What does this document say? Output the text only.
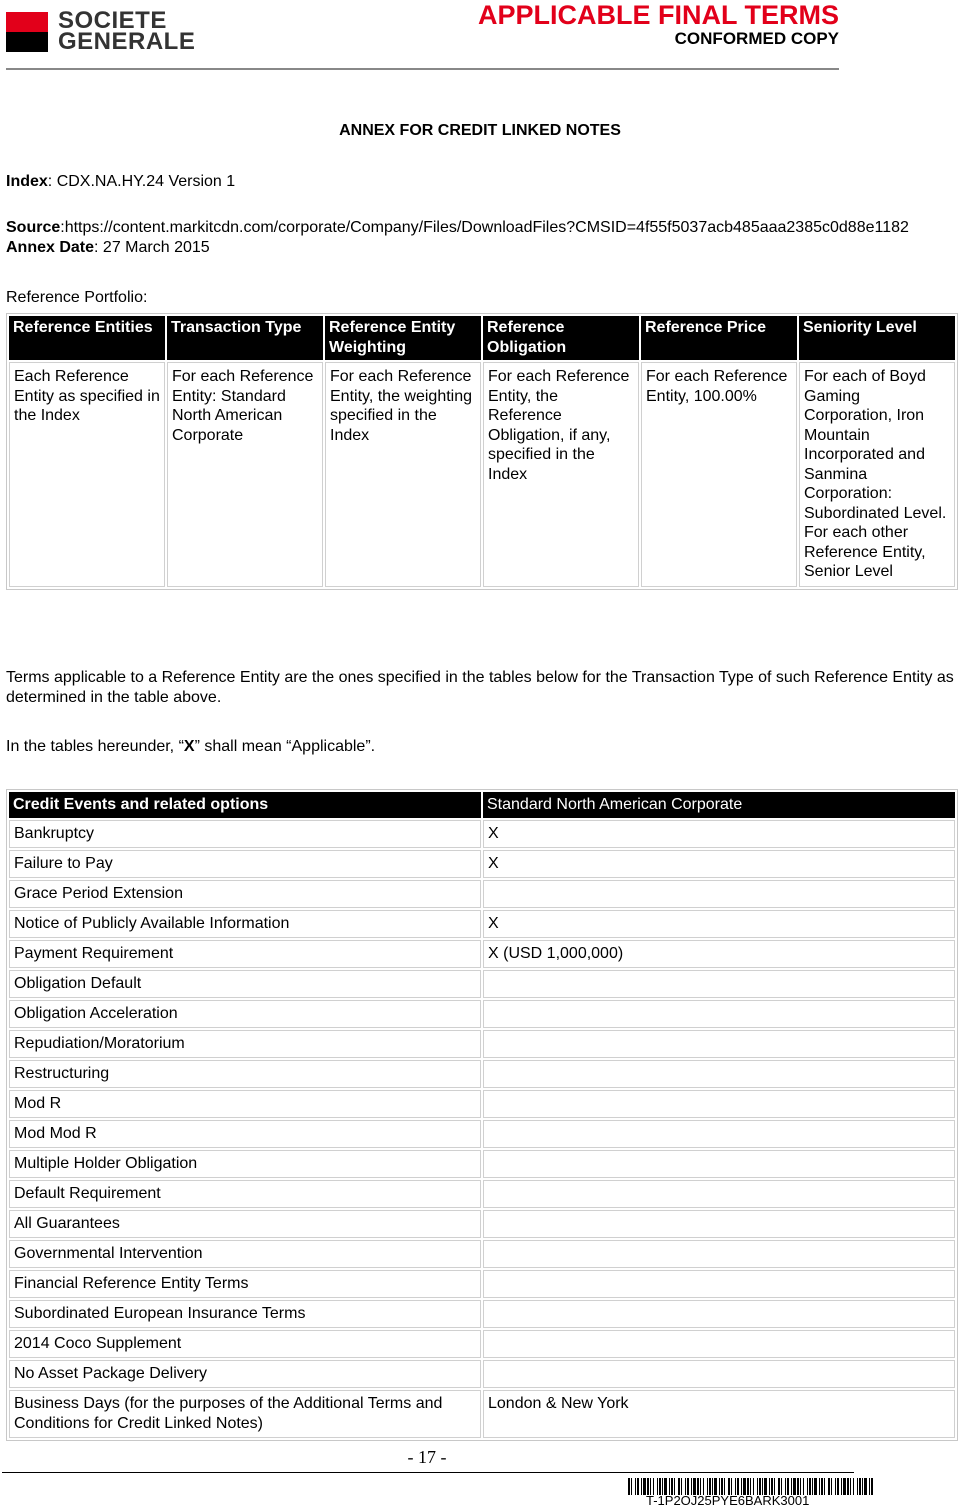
SOCIETE
GENERALE
APPLICABLE FINAL TERMS
CONFORMED COPY
ANNEX FOR CREDIT LINKED NOTES
Index: CDX.NA.HY.24 Version 1
Source:https://content.markitcdn.com/corporate/Company/Files/DownloadFiles?CMSID=4f55f5037acb485aaa2385c0d88e1182
Annex Date: 27 March 2015
Reference Portfolio:
Reference Entities	Transaction Type	Reference Entity Weighting	Reference Obligation	Reference Price	Seniority Level
Each Reference Entity as specified in the Index	For each Reference Entity: Standard North American Corporate	For each Reference Entity, the weighting specified in the Index	For each Reference Entity, the Reference Obligation, if any, specified in the Index	For each Reference Entity, 100.00%	For each of Boyd Gaming Corporation, Iron Mountain Incorporated and Sanmina Corporation: Subordinated Level. For each other Reference Entity, Senior Level
Terms applicable to a Reference Entity are the ones specified in the tables below for the Transaction Type of such Reference Entity as determined in the table above.
In the tables hereunder, “X” shall mean “Applicable”.
Credit Events and related options	Standard North American Corporate
Bankruptcy	X
Failure to Pay	X
Grace Period Extension	
Notice of Publicly Available Information	X
Payment Requirement	X (USD 1,000,000)
Obligation Default	
Obligation Acceleration	
Repudiation/Moratorium	
Restructuring	
Mod R	
Mod Mod R	
Multiple Holder Obligation	
Default Requirement	
All Guarantees	
Governmental Intervention	
Financial Reference Entity Terms	
Subordinated European Insurance Terms	
2014 Coco Supplement	
No Asset Package Delivery	
Business Days (for the purposes of the Additional Terms and Conditions for Credit Linked Notes)	London & New York
- 17 -
T-1P2OJ25PYE6BARK3001
